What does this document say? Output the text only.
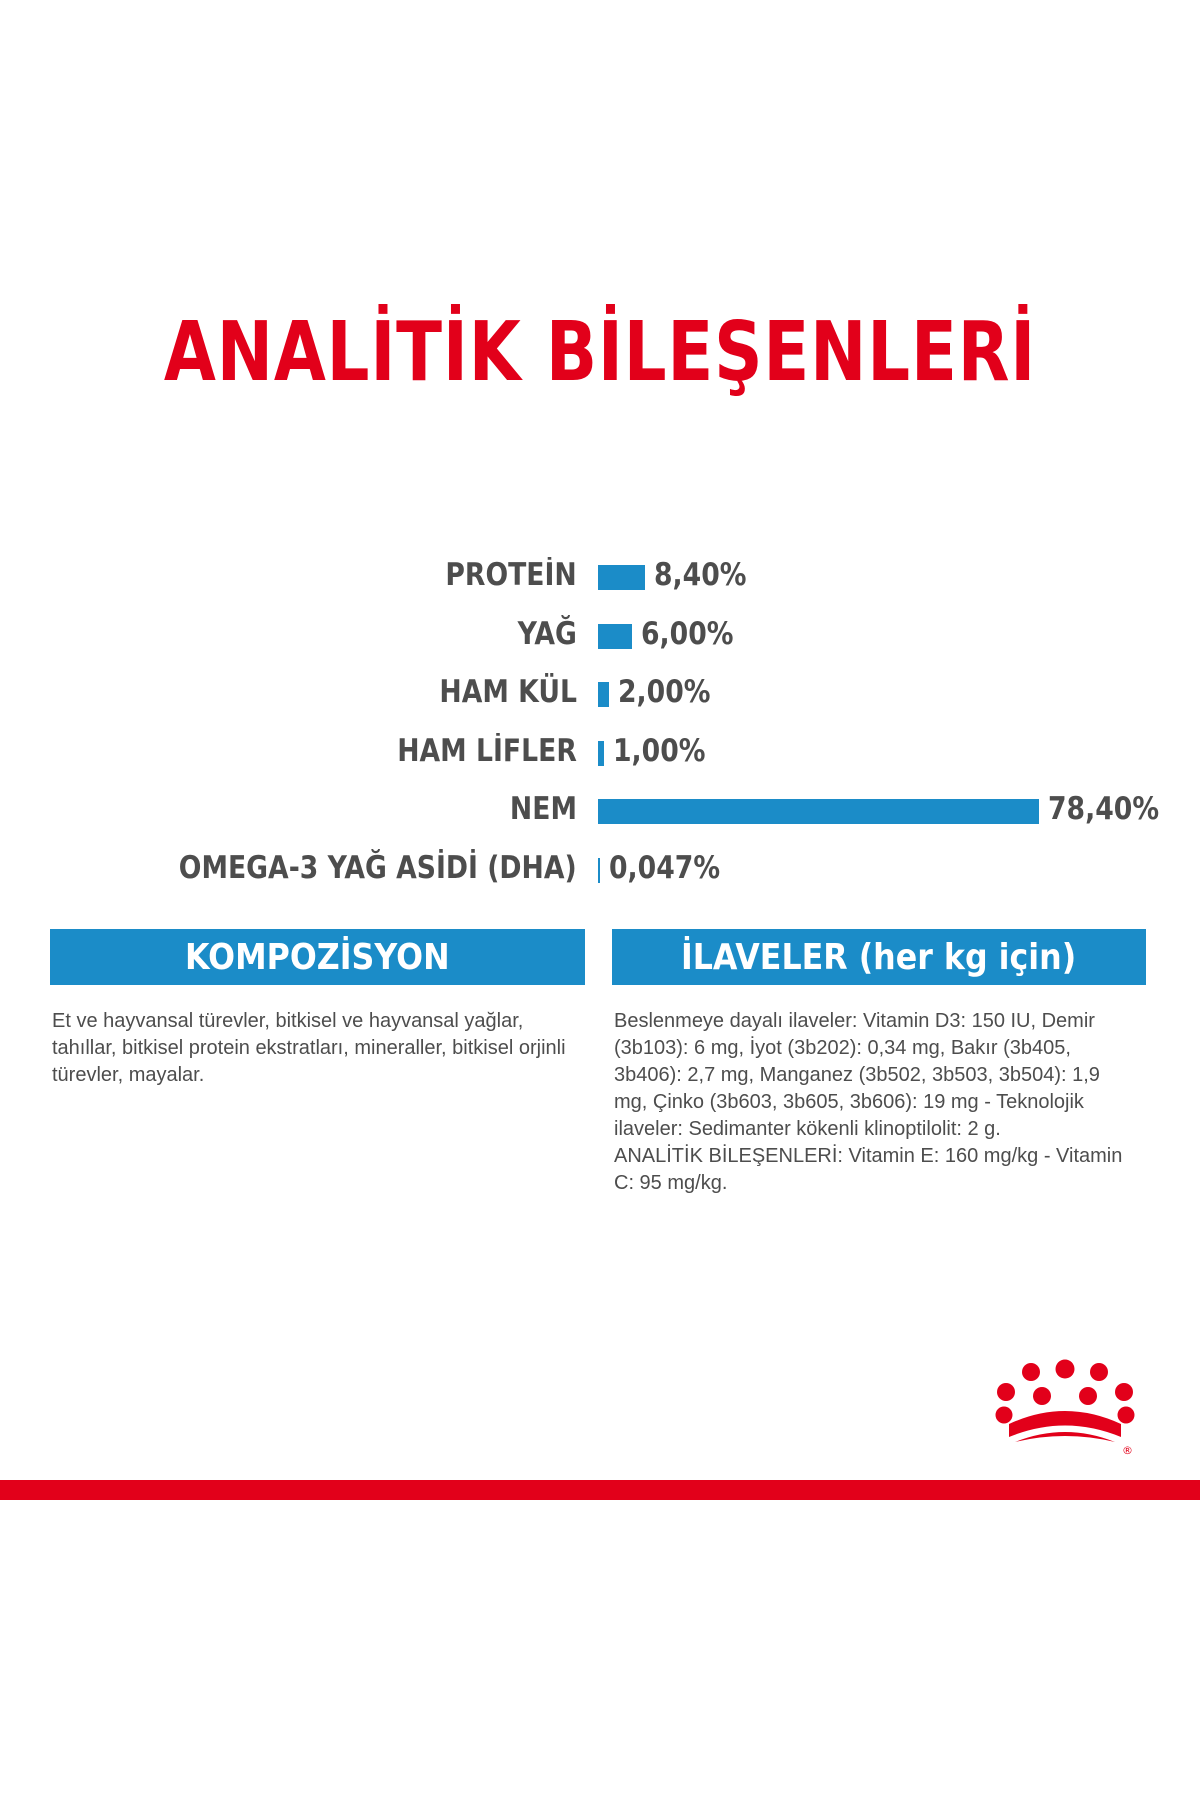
ANALİTİK BİLEŞENLERİ
PROTEİN 8,40%
YAĞ 6,00%
HAM KÜL 2,00%
HAM LİFLER 1,00%
NEM	78,40%
OMEGA-3 YAĞ ASİDİ (DHA) 0,047%
KOMPOZİSYON	İLAVELER (her kg için)
Et ve hayvansal türevler, bitkisel ve hayvansal yağlar, tahıllar, bitkisel protein ekstratları, mineraller, bitkisel orjinli türevler, mayalar.
Beslenmeye dayalı ilaveler: Vitamin D3: 150 IU, Demir (3b103): 6 mg, İyot (3b202): 0,34 mg, Bakır (3b405, 3b406): 2,7 mg, Manganez (3b502, 3b503, 3b504): 1,9 mg, Çinko (3b603, 3b605, 3b606): 19 mg - Teknolojik ilaveler: Sedimanter kökenli klinoptilolit: 2 g.
ANALİTİK BİLEŞENLERİ: Vitamin E: 160 mg/kg - Vitamin C: 95 mg/kg.
®
